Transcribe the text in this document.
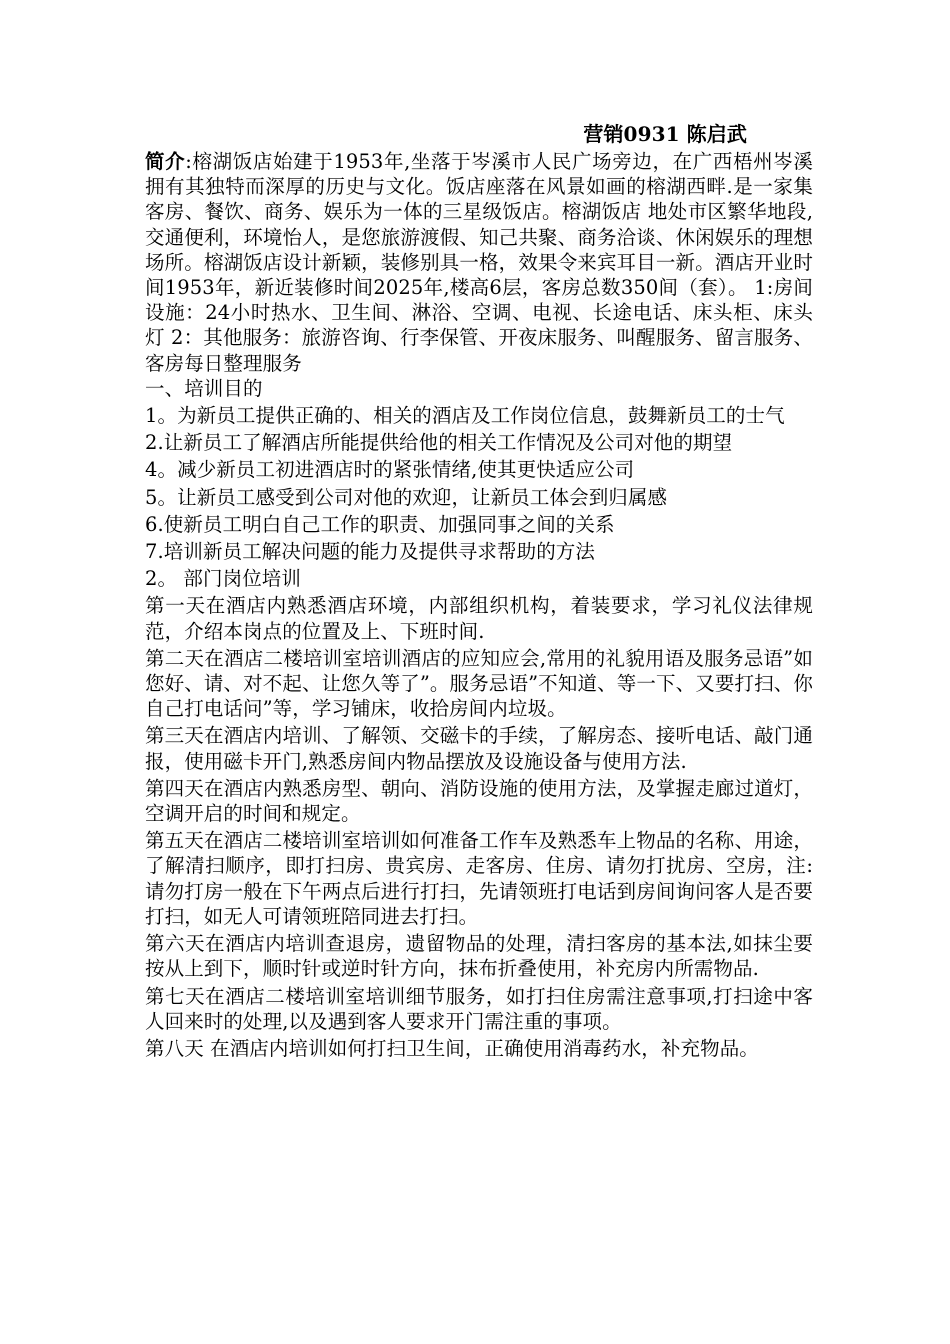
营销0931 陈启武

简介:榕湖饭店始建于1953年,坐落于岑溪市人民广场旁边，在广西梧州岑溪拥有其独特而深厚的历史与文化。饭店座落在风景如画的榕湖西畔.是一家集客房、餐饮、商务、娱乐为一体的三星级饭店。榕湖饭店 地处市区繁华地段,交通便利，环境怡人，是您旅游渡假、知己共聚、商务洽谈、休闲娱乐的理想场所。榕湖饭店设计新颖，装修别具一格，效果令来宾耳目一新。酒店开业时间1953年，新近装修时间2025年,楼高6层，客房总数350间（套）。 1:房间设施：24小时热水、卫生间、淋浴、空调、电视、长途电话、床头柜、床头灯 2：其他服务：旅游咨询、行李保管、开夜床服务、叫醒服务、留言服务、客房每日整理服务

一、培训目的

1。为新员工提供正确的、相关的酒店及工作岗位信息，鼓舞新员工的士气

2.让新员工了解酒店所能提供给他的相关工作情况及公司对他的期望

4。减少新员工初进酒店时的紧张情绪,使其更快适应公司

5。让新员工感受到公司对他的欢迎，让新员工体会到归属感

6.使新员工明白自己工作的职责、加强同事之间的关系

7.培训新员工解决问题的能力及提供寻求帮助的方法

2。 部门岗位培训

第一天在酒店内熟悉酒店环境，内部组织机构，着装要求，学习礼仪法律规范，介绍本岗点的位置及上、下班时间.

第二天在酒店二楼培训室培训酒店的应知应会,常用的礼貌用语及服务忌语”如您好、请、对不起、让您久等了”。服务忌语”不知道、等一下、又要打扫、你自己打电话问”等，学习铺床，收拾房间内垃圾。

第三天在酒店内培训、了解领、交磁卡的手续，了解房态、接听电话、敲门通报，使用磁卡开门,熟悉房间内物品摆放及设施设备与使用方法.

第四天在酒店内熟悉房型、朝向、消防设施的使用方法，及掌握走廊过道灯，空调开启的时间和规定。

第五天在酒店二楼培训室培训如何准备工作车及熟悉车上物品的名称、用途，了解清扫顺序，即打扫房、贵宾房、走客房、住房、请勿打扰房、空房，注:请勿打房一般在下午两点后进行打扫，先请领班打电话到房间询问客人是否要打扫，如无人可请领班陪同进去打扫。

第六天在酒店内培训查退房，遗留物品的处理，清扫客房的基本法,如抹尘要按从上到下，顺时针或逆时针方向，抹布折叠使用，补充房内所需物品.

第七天在酒店二楼培训室培训细节服务，如打扫住房需注意事项,打扫途中客人回来时的处理,以及遇到客人要求开门需注重的事项。

第八天 在酒店内培训如何打扫卫生间，正确使用消毒药水，补充物品。
